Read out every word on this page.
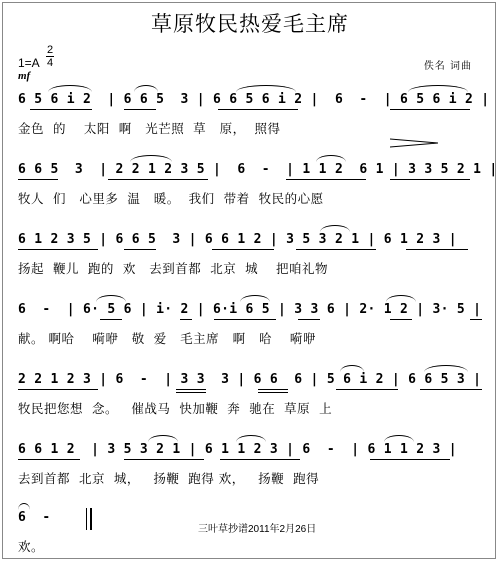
草原牧民热爱毛主席
1=A
2
4
mf
佚名 词曲
6 5 6 i 2  | 6 6 5  3 | 6 6 5 6 i 2 |  6  -  | 6 5 6 i 2 |
金色  的    太阳  啊   光芒照  草   原，  照得
6 6 5  3  | 2 2 1 2 3 5 |  6  -  | 1 1 2  6 1 | 3 3 5 2 1 |
牧人  们   心里多  温   暖。  我们  带着  牧民的心愿
6 1 2 3 5 | 6 6 5  3 | 6 6 1 2 | 3 5 3 2 1 | 6 1 2 3 |
扬起  鞭儿  跑的  欢   去到首都  北京  城    把咱礼物
6  -  | 6· 5 6 | i· 2 | 6·i 6 5 | 3 3 6 | 2· 1 2 | 3· 5 |
献。 啊哈    嗬咿   敬  爱   毛主席   啊   哈    嗬咿
2 2 1 2 3 | 6  -  | 3 3  3 | 6 6  6 | 5 6 i 2 | 6 6 5 3 |
牧民把您想  念。   催战马  快加鞭  奔  驰在  草原  上
6 6 1 2  | 3 5 3 2 1 | 6 1 1 2 3 | 6  -  | 6 1 1 2 3 |
去到首都  北京  城，   扬鞭  跑得 欢，   扬鞭  跑得
6  -
欢。
三叶草抄谱2011年2月26日
